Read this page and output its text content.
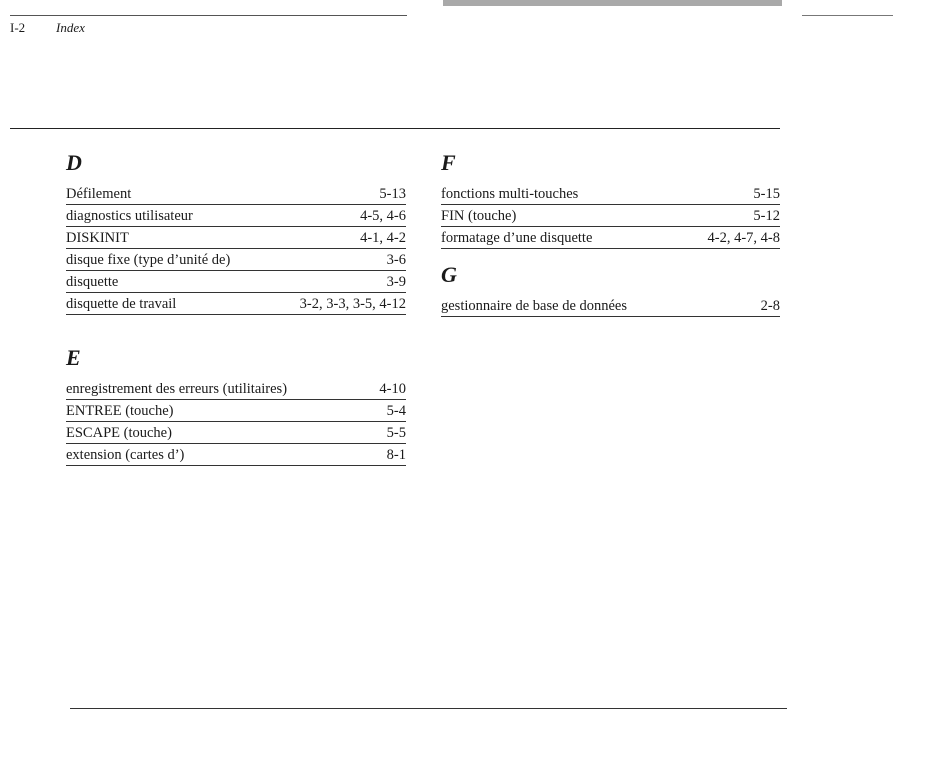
I-2 Index
D
Défilement	5-13
diagnostics utilisateur	4-5, 4-6
DISKINIT	4-1, 4-2
disque fixe (type d’unité de)	3-6
disquette	3-9
disquette de travail	3-2, 3-3, 3-5, 4-12
E
enregistrement des erreurs (utilitaires)	4-10
ENTREE (touche)	5-4
ESCAPE (touche)	5-5
extension (cartes d’)	8-1
F
fonctions multi-touches	5-15
FIN (touche)	5-12
formatage d’une disquette	4-2, 4-7, 4-8
G
gestionnaire de base de données	2-8
